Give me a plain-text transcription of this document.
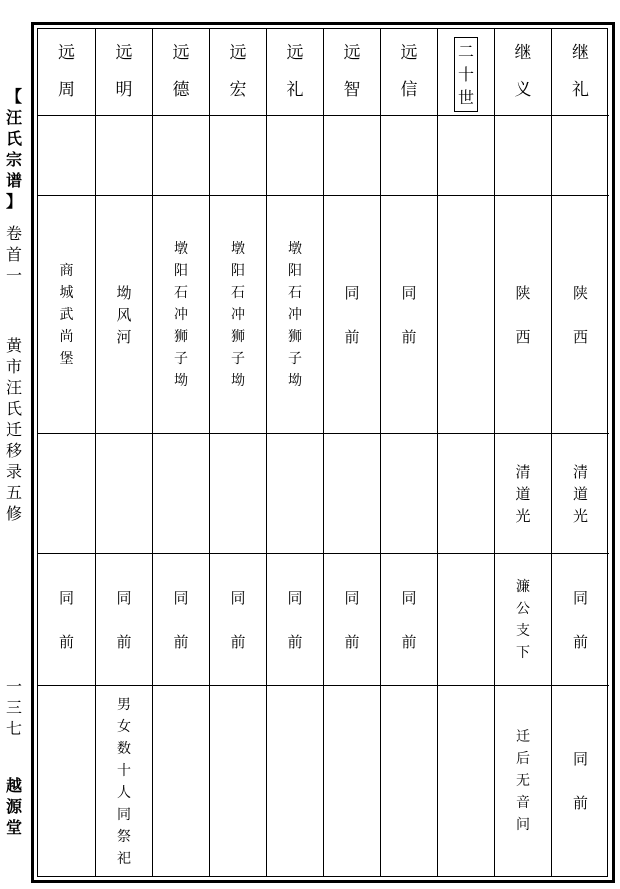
【
汪
氏
宗
谱
】
卷
首
一
黄
市
汪
氏
迁
移
录
五
修
一
三
七
越
源
堂
远
周
商
城
武
尚
堡
同
前
远
明
坳
风
河
同
前
男
女
数
十
人
同
祭
祀
远
德
墩
阳
石
冲
狮
子
坳
同
前
远
宏
墩
阳
石
冲
狮
子
坳
同
前
远
礼
墩
阳
石
冲
狮
子
坳
同
前
远
智
同
前
同
前
远
信
同
前
同
前
二
十
世
继
义
陕
西
清
道
光
濂
公
支
下
迁
后
无
音
问
继
礼
陕
西
清
道
光
同
前
同
前
